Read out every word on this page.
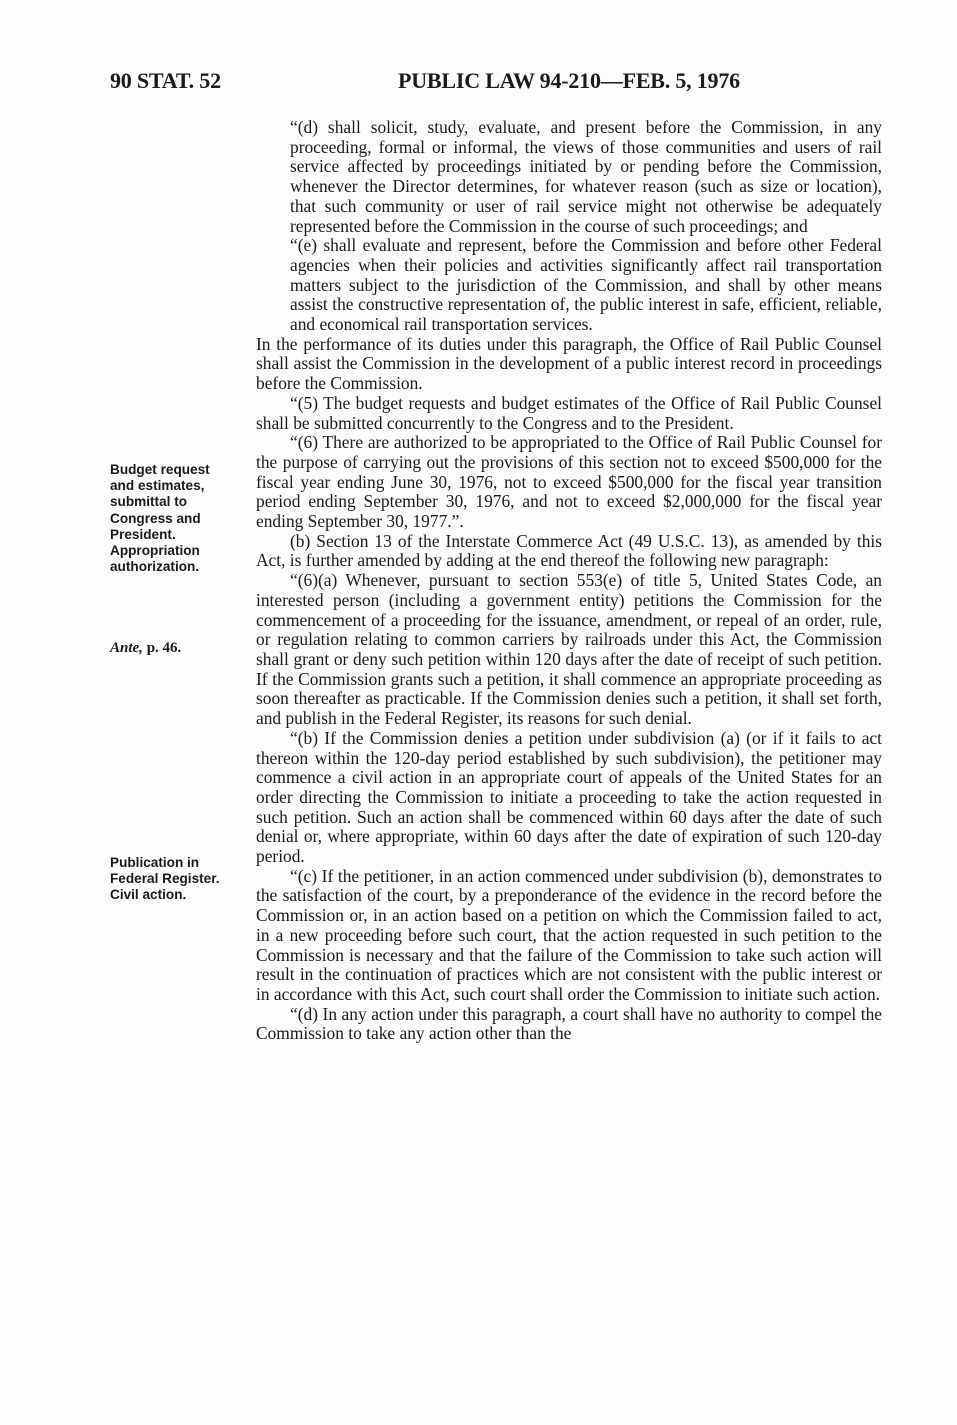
90 STAT. 52	PUBLIC LAW 94-210—FEB. 5, 1976
Budget request
and estimates,
submittal to
Congress and
President.
Appropriation
authorization.
Ante, p. 46.
Publication in
Federal Register.
Civil action.

“(d) shall solicit, study, evaluate, and present before the Commission, in any proceeding, formal or informal, the views of those communities and users of rail service affected by proceedings initiated by or pending before the Commission, whenever the Director determines, for whatever reason (such as size or location), that such community or user of rail service might not otherwise be adequately represented before the Commission in the course of such proceedings; and

“(e) shall evaluate and represent, before the Commission and before other Federal agencies when their policies and activities significantly affect rail transportation matters subject to the jurisdiction of the Commission, and shall by other means assist the constructive representation of, the public interest in safe, efficient, reliable, and economical rail transportation services.

In the performance of its duties under this paragraph, the Office of Rail Public Counsel shall assist the Commission in the development of a public interest record in proceedings before the Commission.

“(5) The budget requests and budget estimates of the Office of Rail Public Counsel shall be submitted concurrently to the Congress and to the President.

“(6) There are authorized to be appropriated to the Office of Rail Public Counsel for the purpose of carrying out the provisions of this section not to exceed $500,000 for the fiscal year ending June 30, 1976, not to exceed $500,000 for the fiscal year transition period ending September 30, 1976, and not to exceed $2,000,000 for the fiscal year ending September 30, 1977.”.

(b) Section 13 of the Interstate Commerce Act (49 U.S.C. 13), as amended by this Act, is further amended by adding at the end thereof the following new paragraph:

“(6)(a) Whenever, pursuant to section 553(e) of title 5, United States Code, an interested person (including a government entity) petitions the Commission for the commencement of a proceeding for the issuance, amendment, or repeal of an order, rule, or regulation relating to common carriers by railroads under this Act, the Commission shall grant or deny such petition within 120 days after the date of receipt of such petition. If the Commission grants such a petition, it shall commence an appropriate proceeding as soon thereafter as practicable. If the Commission denies such a petition, it shall set forth, and publish in the Federal Register, its reasons for such denial.

“(b) If the Commission denies a petition under subdivision (a) (or if it fails to act thereon within the 120-day period established by such subdivision), the petitioner may commence a civil action in an appropriate court of appeals of the United States for an order directing the Commission to initiate a proceeding to take the action requested in such petition. Such an action shall be commenced within 60 days after the date of such denial or, where appropriate, within 60 days after the date of expiration of such 120-day period.

“(c) If the petitioner, in an action commenced under subdivision (b), demonstrates to the satisfaction of the court, by a preponderance of the evidence in the record before the Commission or, in an action based on a petition on which the Commission failed to act, in a new proceeding before such court, that the action requested in such petition to the Commission is necessary and that the failure of the Commission to take such action will result in the continuation of practices which are not consistent with the public interest or in accordance with this Act, such court shall order the Commission to initiate such action.

“(d) In any action under this paragraph, a court shall have no authority to compel the Commission to take any action other than the
